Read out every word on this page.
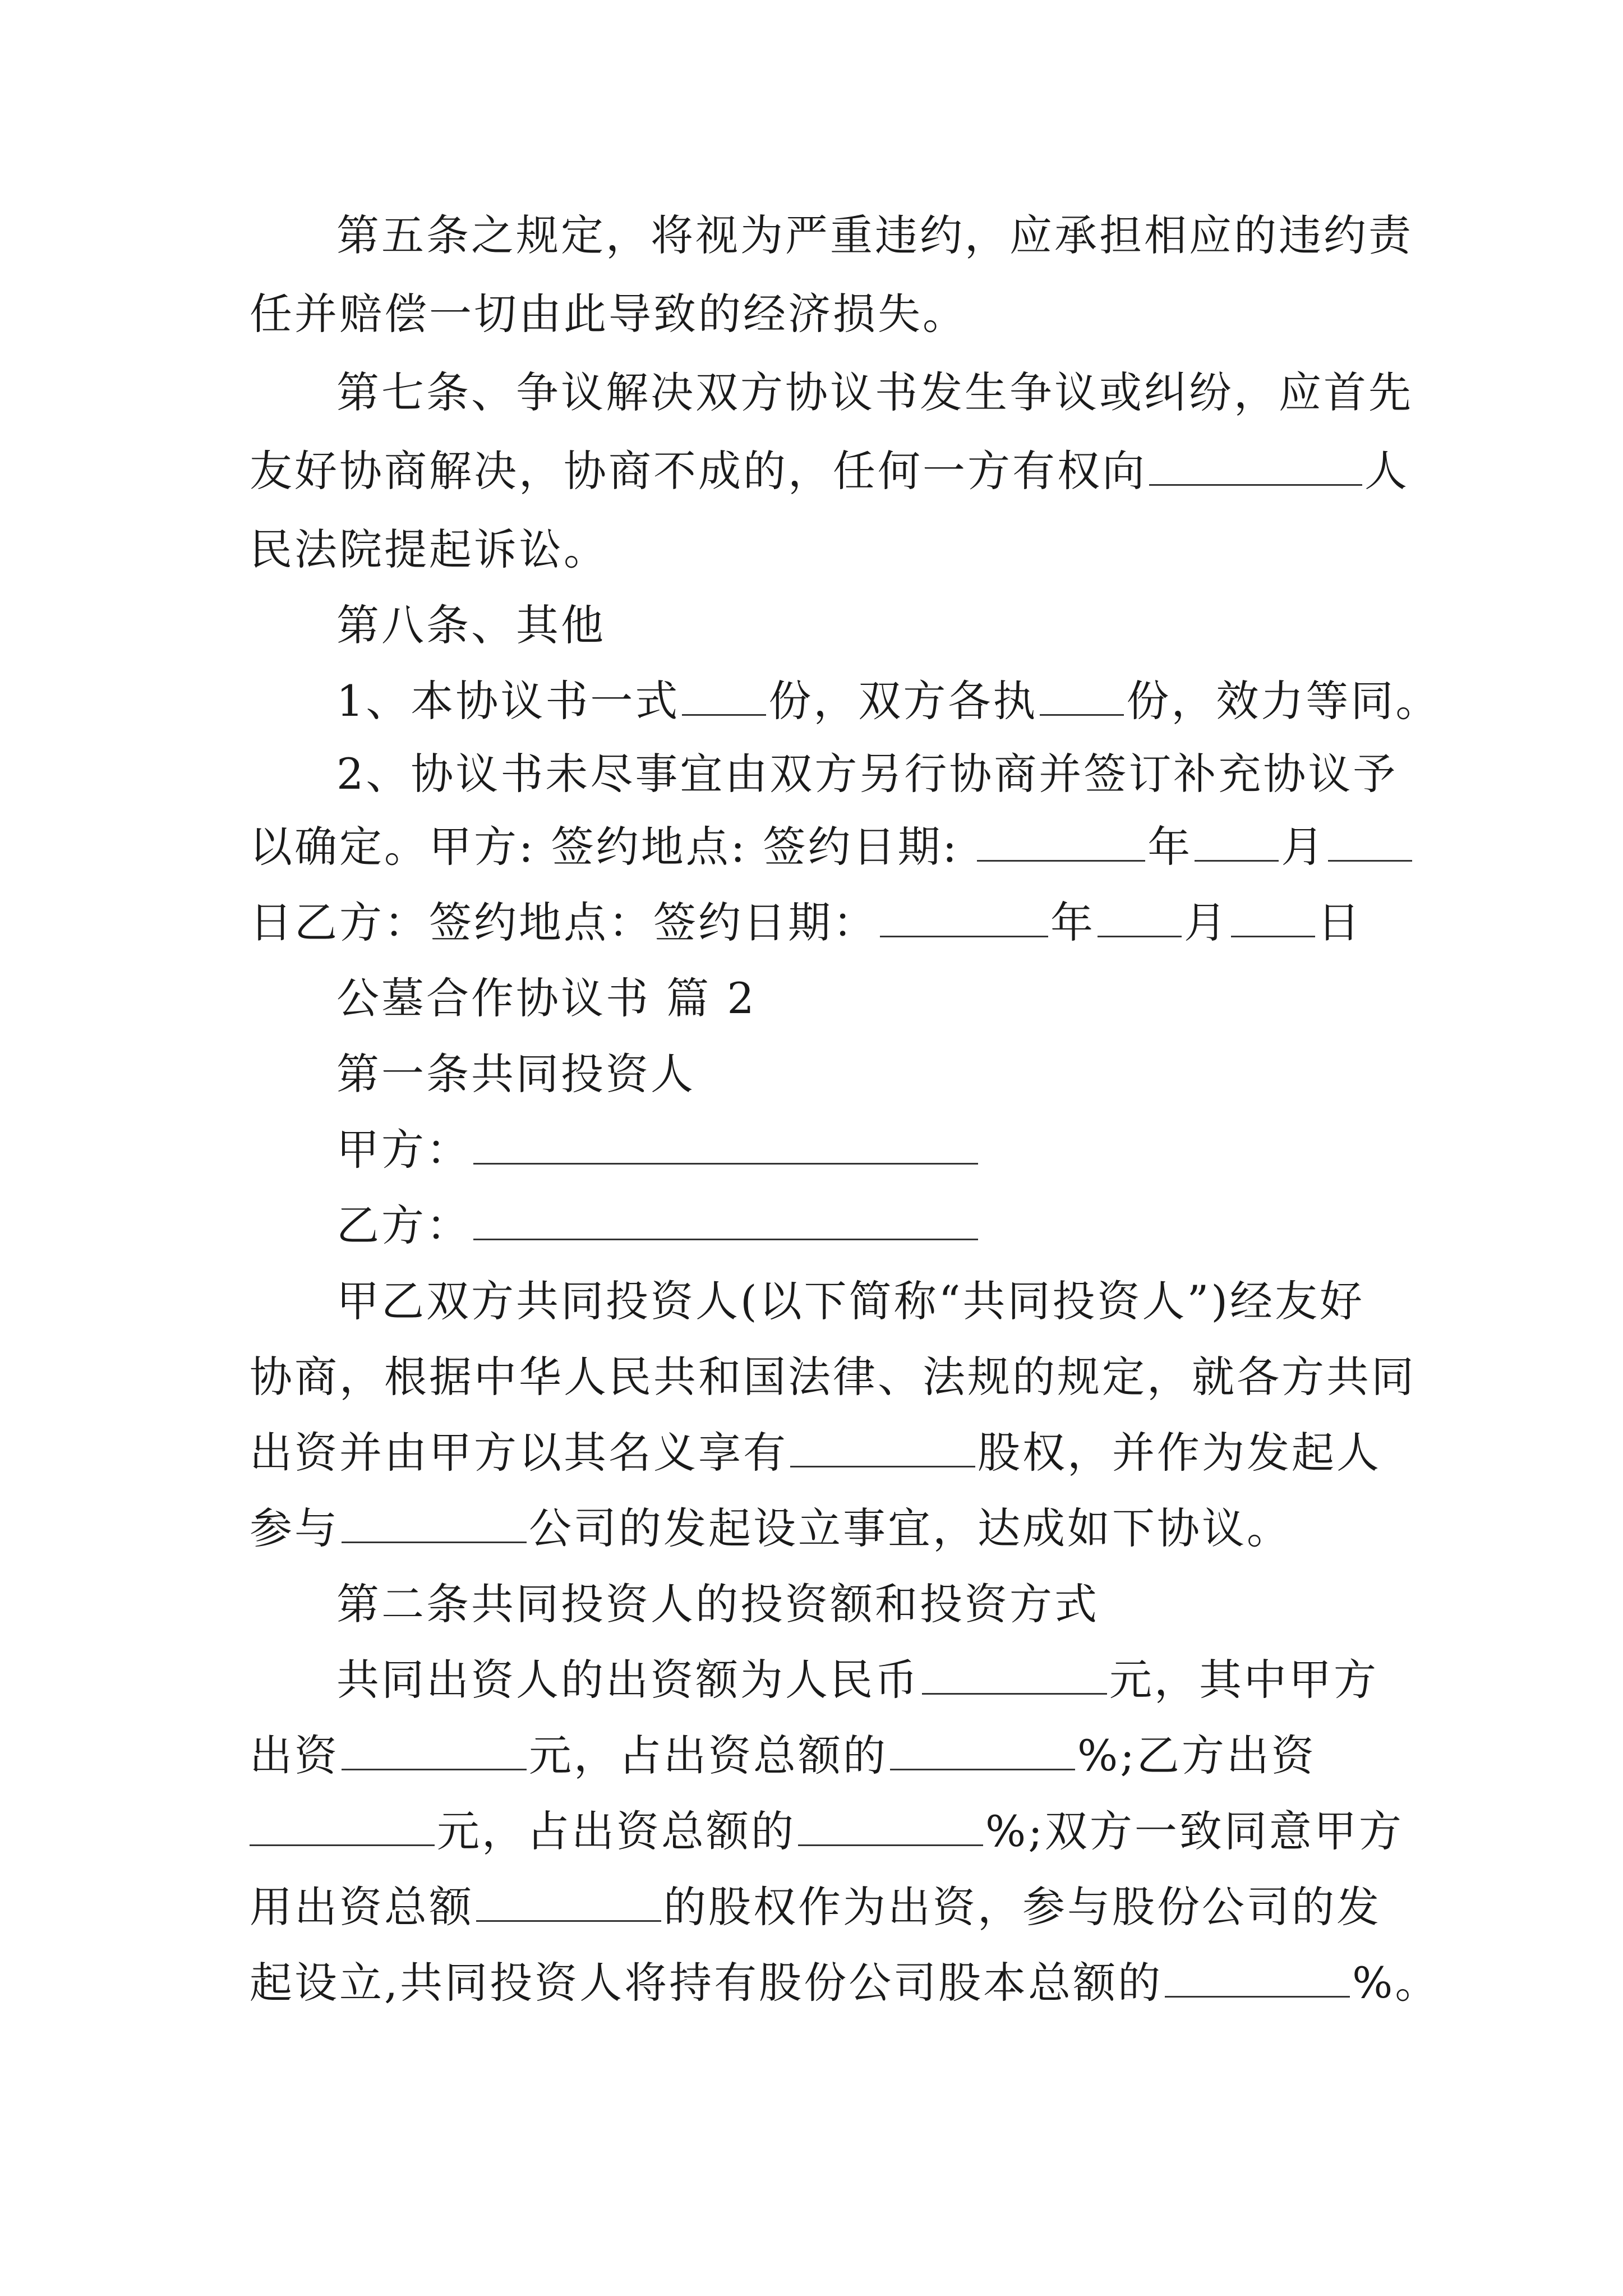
第五条之规定，将视为严重违约，应承担相应的违约责
任并赔偿一切由此导致的经济损失。
第七条、争议解决双方协议书发生争议或纠纷，应首先
友好协商解决，协商不成的，任何一方有权向	人
民法院提起诉讼。
第八条、其他
1、本协议书一式 份，双方各执 份，效力等同。
2、协议书未尽事宜由双方另行协商并签订补充协议予
以确定。甲方: 签约地点: 签约日期:	年 月
日乙方：签约地点：签约日期：	年 月 日
公墓合作协议书 篇 2
第一条共同投资人
甲方：
乙方：
甲乙双方共同投资人(以下简称“共同投资人”)经友好
协商，根据中华人民共和国法律、法规的规定，就各方共同
出资并由甲方以其名义享有	股权，并作为发起人
参与	公司的发起设立事宜，达成如下协议。
第二条共同投资人的投资额和投资方式
共同出资人的出资额为人民币	元，其中甲方
出资	元，占出资总额的	%;乙方出资
元，占出资总额的	%;双方一致同意甲方
用出资总额	的股权作为出资，参与股份公司的发
起设立,共同投资人将持有股份公司股本总额的	%。
